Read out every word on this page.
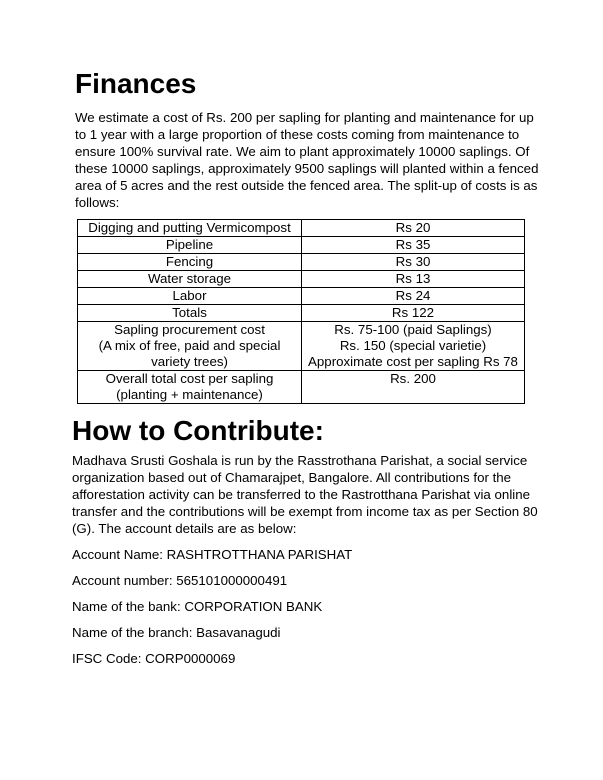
Finances

We estimate a cost of Rs. 200 per sapling for planting and maintenance for up to 1 year with a large proportion of these costs coming from maintenance to ensure 100% survival rate. We aim to plant approximately 10000 saplings. Of these 10000 saplings, approximately 9500 saplings will planted within a fenced area of 5 acres and the rest outside the fenced area. The split-up of costs is as follows:

Digging and putting Vermicompost	Rs 20

Pipeline	Rs 35

Fencing	Rs 30

Water storage	Rs 13

Labor	Rs 24

Totals	Rs 122

Sapling procurement cost
(A mix of free, paid and special
variety trees)	Rs. 75-100 (paid Saplings)
Rs. 150 (special varietie)
Approximate cost per sapling Rs 78

Overall total cost per sapling
(planting + maintenance)	Rs. 200
How to Contribute:

Madhava Srusti Goshala is run by the Rasstrothana Parishat, a social service organization based out of Chamarajpet, Bangalore. All contributions for the afforestation activity can be transferred to the Rastrotthana Parishat via online transfer and the contributions will be exempt from income tax as per Section 80 (G). The account details are as below:

Account Name: RASHTROTTHANA PARISHAT

Account number: 565101000000491

Name of the bank: CORPORATION BANK

Name of the branch: Basavanagudi

IFSC Code: CORP0000069
